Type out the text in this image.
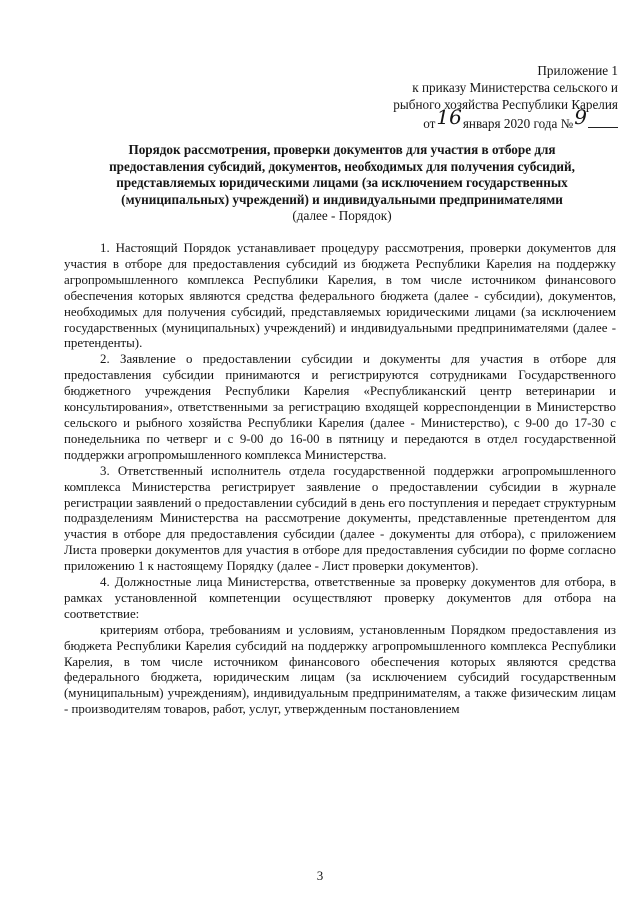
Приложение 1
к приказу Министерства сельского и
рыбного хозяйства Республики Карелия
от16января 2020 года №9
Порядок рассмотрения, проверки документов для участия в отборе для
предоставления субсидий, документов, необходимых для получения субсидий,
представляемых юридическими лицами (за исключением государственных
(муниципальных) учреждений) и индивидуальными предпринимателями
(далее - Порядок)

1. Настоящий Порядок устанавливает процедуру рассмотрения, проверки документов для участия в отборе для предоставления субсидий из бюджета Республики Карелия на поддержку агропромышленного комплекса Республики Карелия, в том числе источником финансового обеспечения которых являются средства федерального бюджета (далее - субсидии), документов, необходимых для получения субсидий, представляемых юридическими лицами (за исключением государственных (муниципальных) учреждений) и индивидуальными предпринимателями (далее - претенденты).

2. Заявление о предоставлении субсидии и документы для участия в отборе для предоставления субсидии принимаются и регистрируются сотрудниками Государственного бюджетного учреждения Республики Карелия «Республиканский центр ветеринарии и консультирования», ответственными за регистрацию входящей корреспонденции в Министерство сельского и рыбного хозяйства Республики Карелия (далее - Министерство), с 9-00 до 17-30 с понедельника по четверг и с 9-00 до 16-00 в пятницу и передаются в отдел государственной поддержки агропромышленного комплекса Министерства.

3. Ответственный исполнитель отдела государственной поддержки агропромышленного комплекса Министерства регистрирует заявление о предоставлении субсидии в журнале регистрации заявлений о предоставлении субсидий в день его поступления и передает структурным подразделениям Министерства на рассмотрение документы, представленные претендентом для участия в отборе для предоставления субсидии (далее - документы для отбора), с приложением Листа проверки документов для участия в отборе для предоставления субсидии по форме согласно приложению 1 к настоящему Порядку (далее - Лист проверки документов).

4. Должностные лица Министерства, ответственные за проверку документов для отбора, в рамках установленной компетенции осуществляют проверку документов для отбора на соответствие:

критериям отбора, требованиям и условиям, установленным Порядком предоставления из бюджета Республики Карелия субсидий на поддержку агропромышленного комплекса Республики Карелия, в том числе источником финансового обеспечения которых являются средства федерального бюджета, юридическим лицам (за исключением субсидий государственным (муниципальным) учреждениям), индивидуальным предпринимателям, а также физическим лицам - производителям товаров, работ, услуг, утвержденным постановлением

3
